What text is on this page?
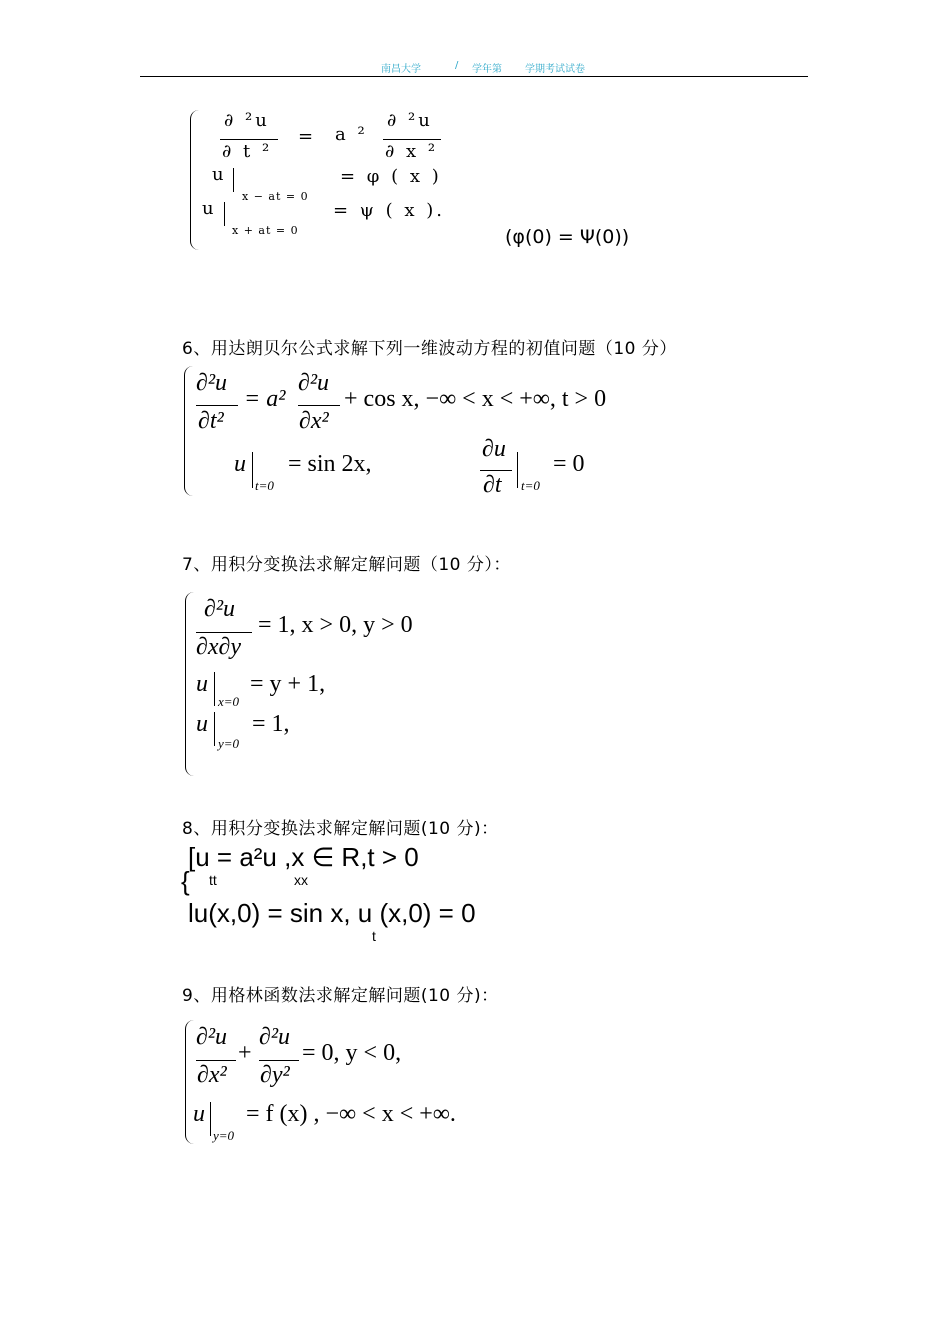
南昌大学	/ 学年第 学期考试试卷
∂ ²u
∂ t ²
= a ²
∂ ²u
∂ x ²
u
x − at = 0
= φ ( x )
u
x + at = 0
= ψ ( x ).
(φ(0) = Ψ(0))
6、用达朗贝尔公式求解下列一维波动方程的初值问题（10 分）
∂²u
∂t²
= a²
∂²u
∂x²
+ cos x, −∞ < x < +∞, t > 0
u
t=0
= sin 2x,
∂u
∂t t=0
= 0
7、用积分变换法求解定解问题（10 分）：
∂²u
∂x∂y
= 1, x > 0, y > 0
u
x=0
= y + 1,
u
y=0
= 1,
8、用积分变换法求解定解问题(10 分)：
[u = a²u ,x ∈ R,t > 0
tt	xx
{
lu(x,0) = sin x, u (x,0) = 0
t
9、用格林函数法求解定解问题(10 分)：
∂²u
∂x²
+
∂²u
∂y²
= 0, y < 0,
u
y=0
= f (x) , −∞ < x < +∞.
